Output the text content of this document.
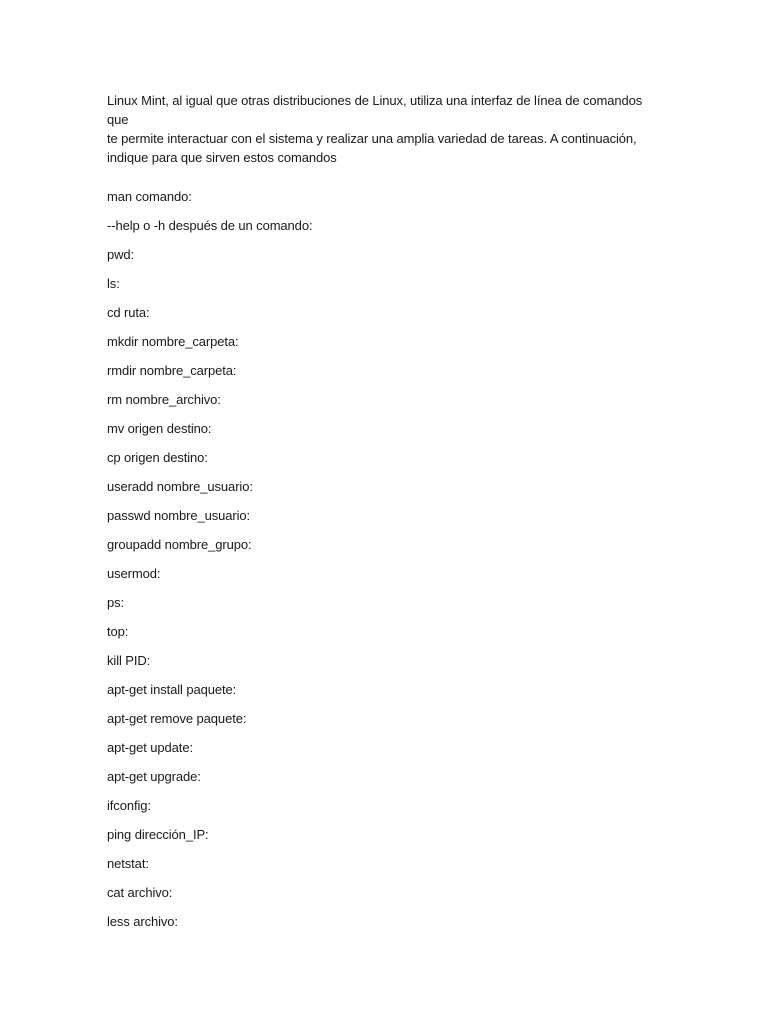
Linux Mint, al igual que otras distribuciones de Linux, utiliza una interfaz de línea de comandos que
te permite interactuar con el sistema y realizar una amplia variedad de tareas. A continuación,
indique para que sirven estos comandos

man comando:
--help o -h después de un comando:
pwd:
ls:
cd ruta:
mkdir nombre_carpeta:
rmdir nombre_carpeta:
rm nombre_archivo:
mv origen destino:
cp origen destino:
useradd nombre_usuario:
passwd nombre_usuario:
groupadd nombre_grupo:
usermod:
ps:
top:
kill PID:
apt-get install paquete:
apt-get remove paquete:
apt-get update:
apt-get upgrade:
ifconfig:
ping dirección_IP:
netstat:
cat archivo:
less archivo:
